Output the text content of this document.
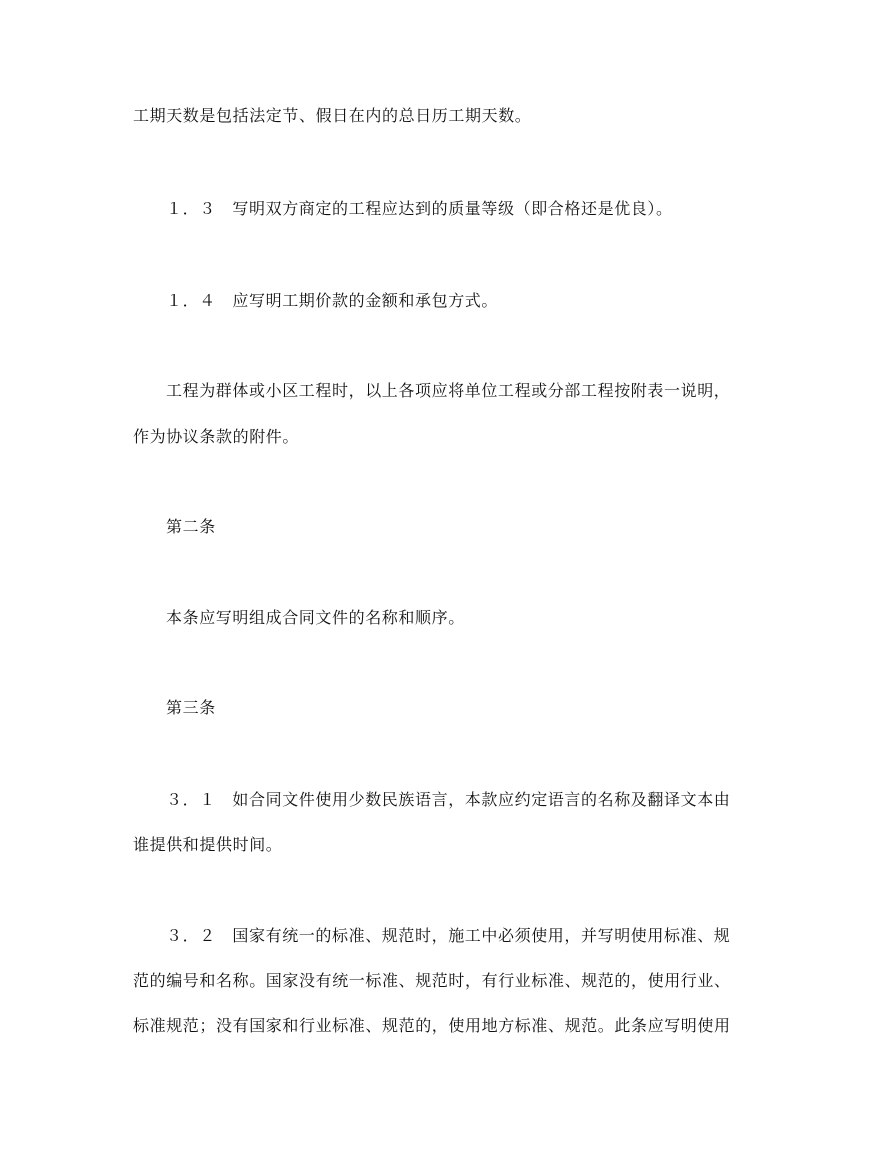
工期天数是包括法定节、假日在内的总日历工期天数。
１．３　写明双方商定的工程应达到的质量等级（即合格还是优良）。
１．４　应写明工期价款的金额和承包方式。
工程为群体或小区工程时，以上各项应将单位工程或分部工程按附表一说明，
作为协议条款的附件。
第二条
本条应写明组成合同文件的名称和顺序。
第三条
３．１　如合同文件使用少数民族语言，本款应约定语言的名称及翻译文本由
谁提供和提供时间。
３．２　国家有统一的标准、规范时，施工中必须使用，并写明使用标准、规
范的编号和名称。国家没有统一标准、规范时，有行业标准、规范的，使用行业、
标准规范；没有国家和行业标准、规范的，使用地方标准、规范。此条应写明使用
